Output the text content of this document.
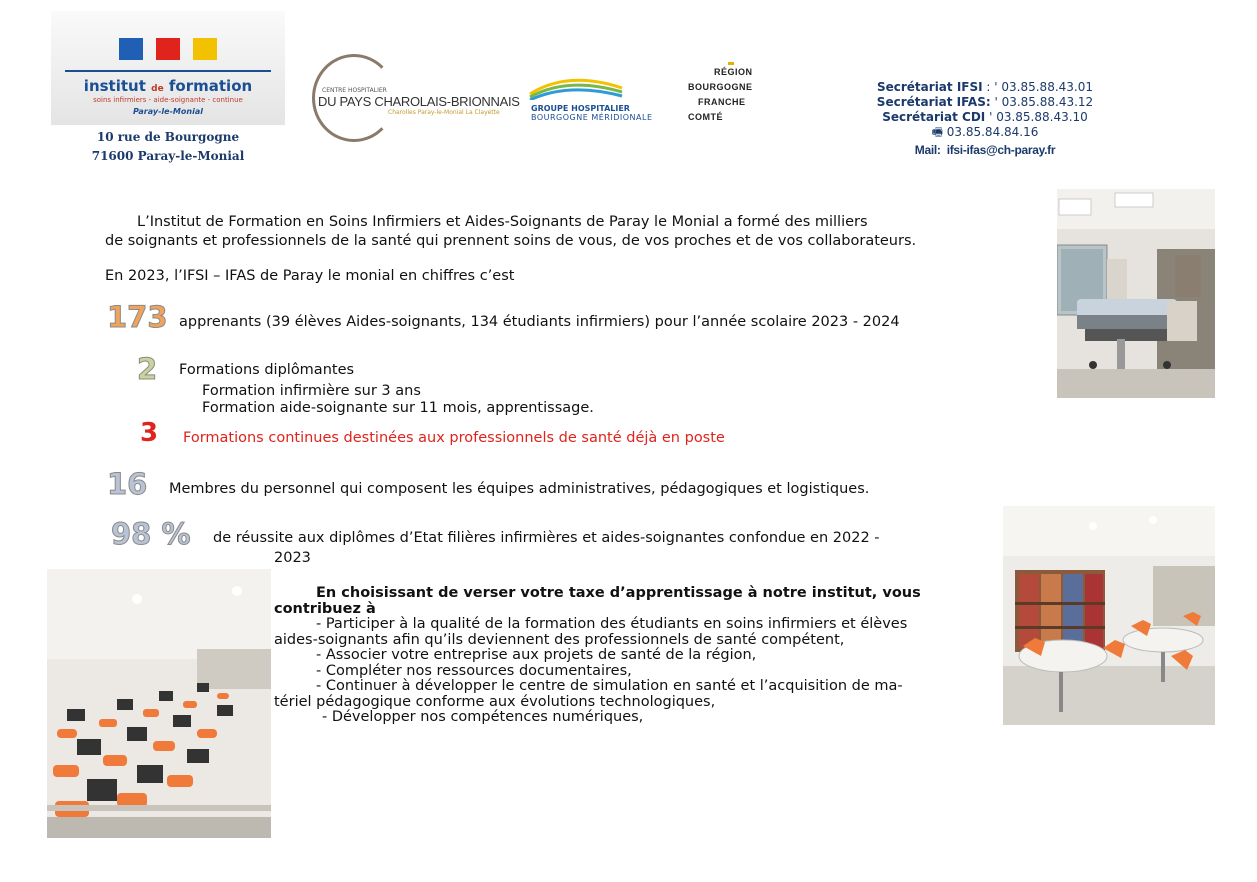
institut de formation
soins infirmiers - aide-soignante - continue
Paray-le-Monial
10 rue de Bourgogne
71600 Paray-le-Monial
CENTRE HOSPITALIER
DU PAYS CHAROLAIS-BRIONNAIS
Charolles Paray-le-Monial La Clayette	GROUPE HOSPITALIER
BOURGOGNE MÉRIDIONALE
RÉGION
BOURGOGNE
FRANCHE
COMTÉ
Secrétariat IFSI : ' 03.85.88.43.01
Secrétariat IFAS: ' 03.85.88.43.12
Secrétariat CDI ' 03.85.88.43.10
🖷 03.85.84.84.16
Mail: ifsi-ifas@ch-paray.fr
L’Institut de Formation en Soins Infirmiers et Aides-Soignants de Paray le Monial a formé des milliers
de soignants et professionnels de la santé qui prennent soins de vous, de vos proches et de vos collaborateurs.
En 2023, l’IFSI – IFAS de Paray le monial en chiffres c’est
173 apprenants (39 élèves Aides-soignants, 134 étudiants infirmiers) pour l’année scolaire 2023 - 2024
2 Formations diplômantes
Formation infirmière sur 3 ans
Formation aide-soignante sur 11 mois, apprentissage.
3 Formations continues destinées aux professionnels de santé déjà en poste
16 Membres du personnel qui composent les équipes administratives, pédagogiques et logistiques.
98 % de réussite aux diplômes d’Etat filières infirmières et aides-soignantes confondue en 2022 -
2023
En choisissant de verser votre taxe d’apprentissage à notre institut, vous
contribuez à
- Participer à la qualité de la formation des étudiants en soins infirmiers et élèves
aides-soignants afin qu’ils deviennent des professionnels de santé compétent,
- Associer votre entreprise aux projets de santé de la région,
- Compléter nos ressources documentaires,
- Continuer à développer le centre de simulation en santé et l’acquisition de ma-
tériel pédagogique conforme aux évolutions technologiques,
- Développer nos compétences numériques,
